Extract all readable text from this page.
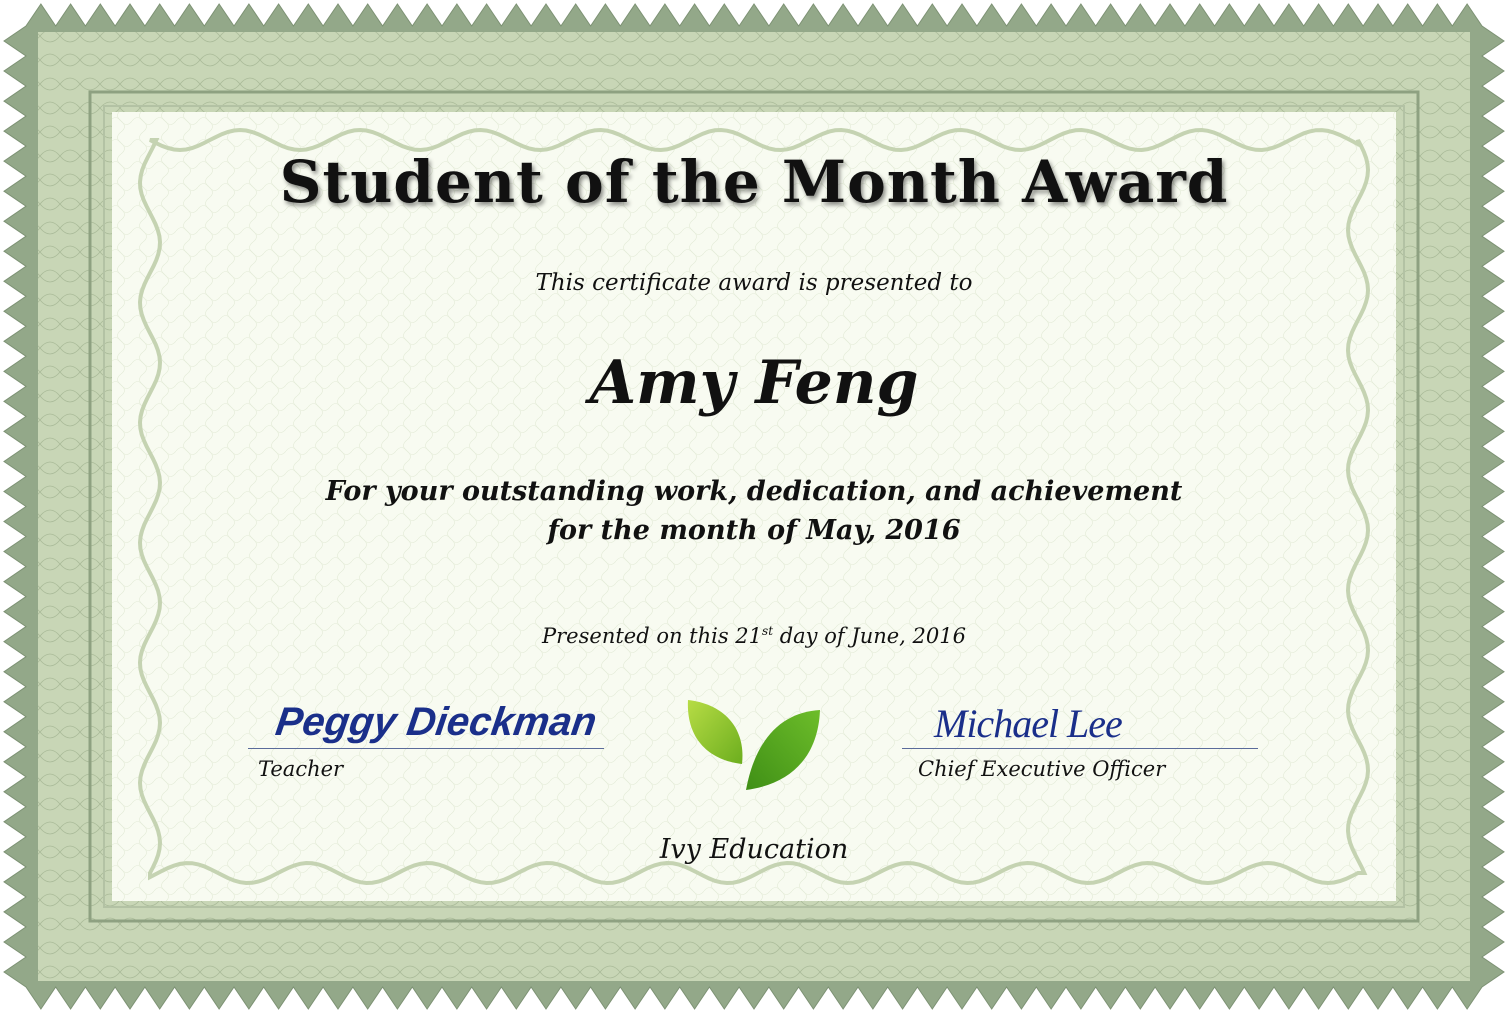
Student of the Month Award

This certificate award is presented to

Amy Feng

For your outstanding work, dedication, and achievement

for the month of May, 2016

Presented on this 21st day of June, 2016

Peggy Dieckman

Teacher

Michael Lee

Chief Executive Officer

Ivy Education
